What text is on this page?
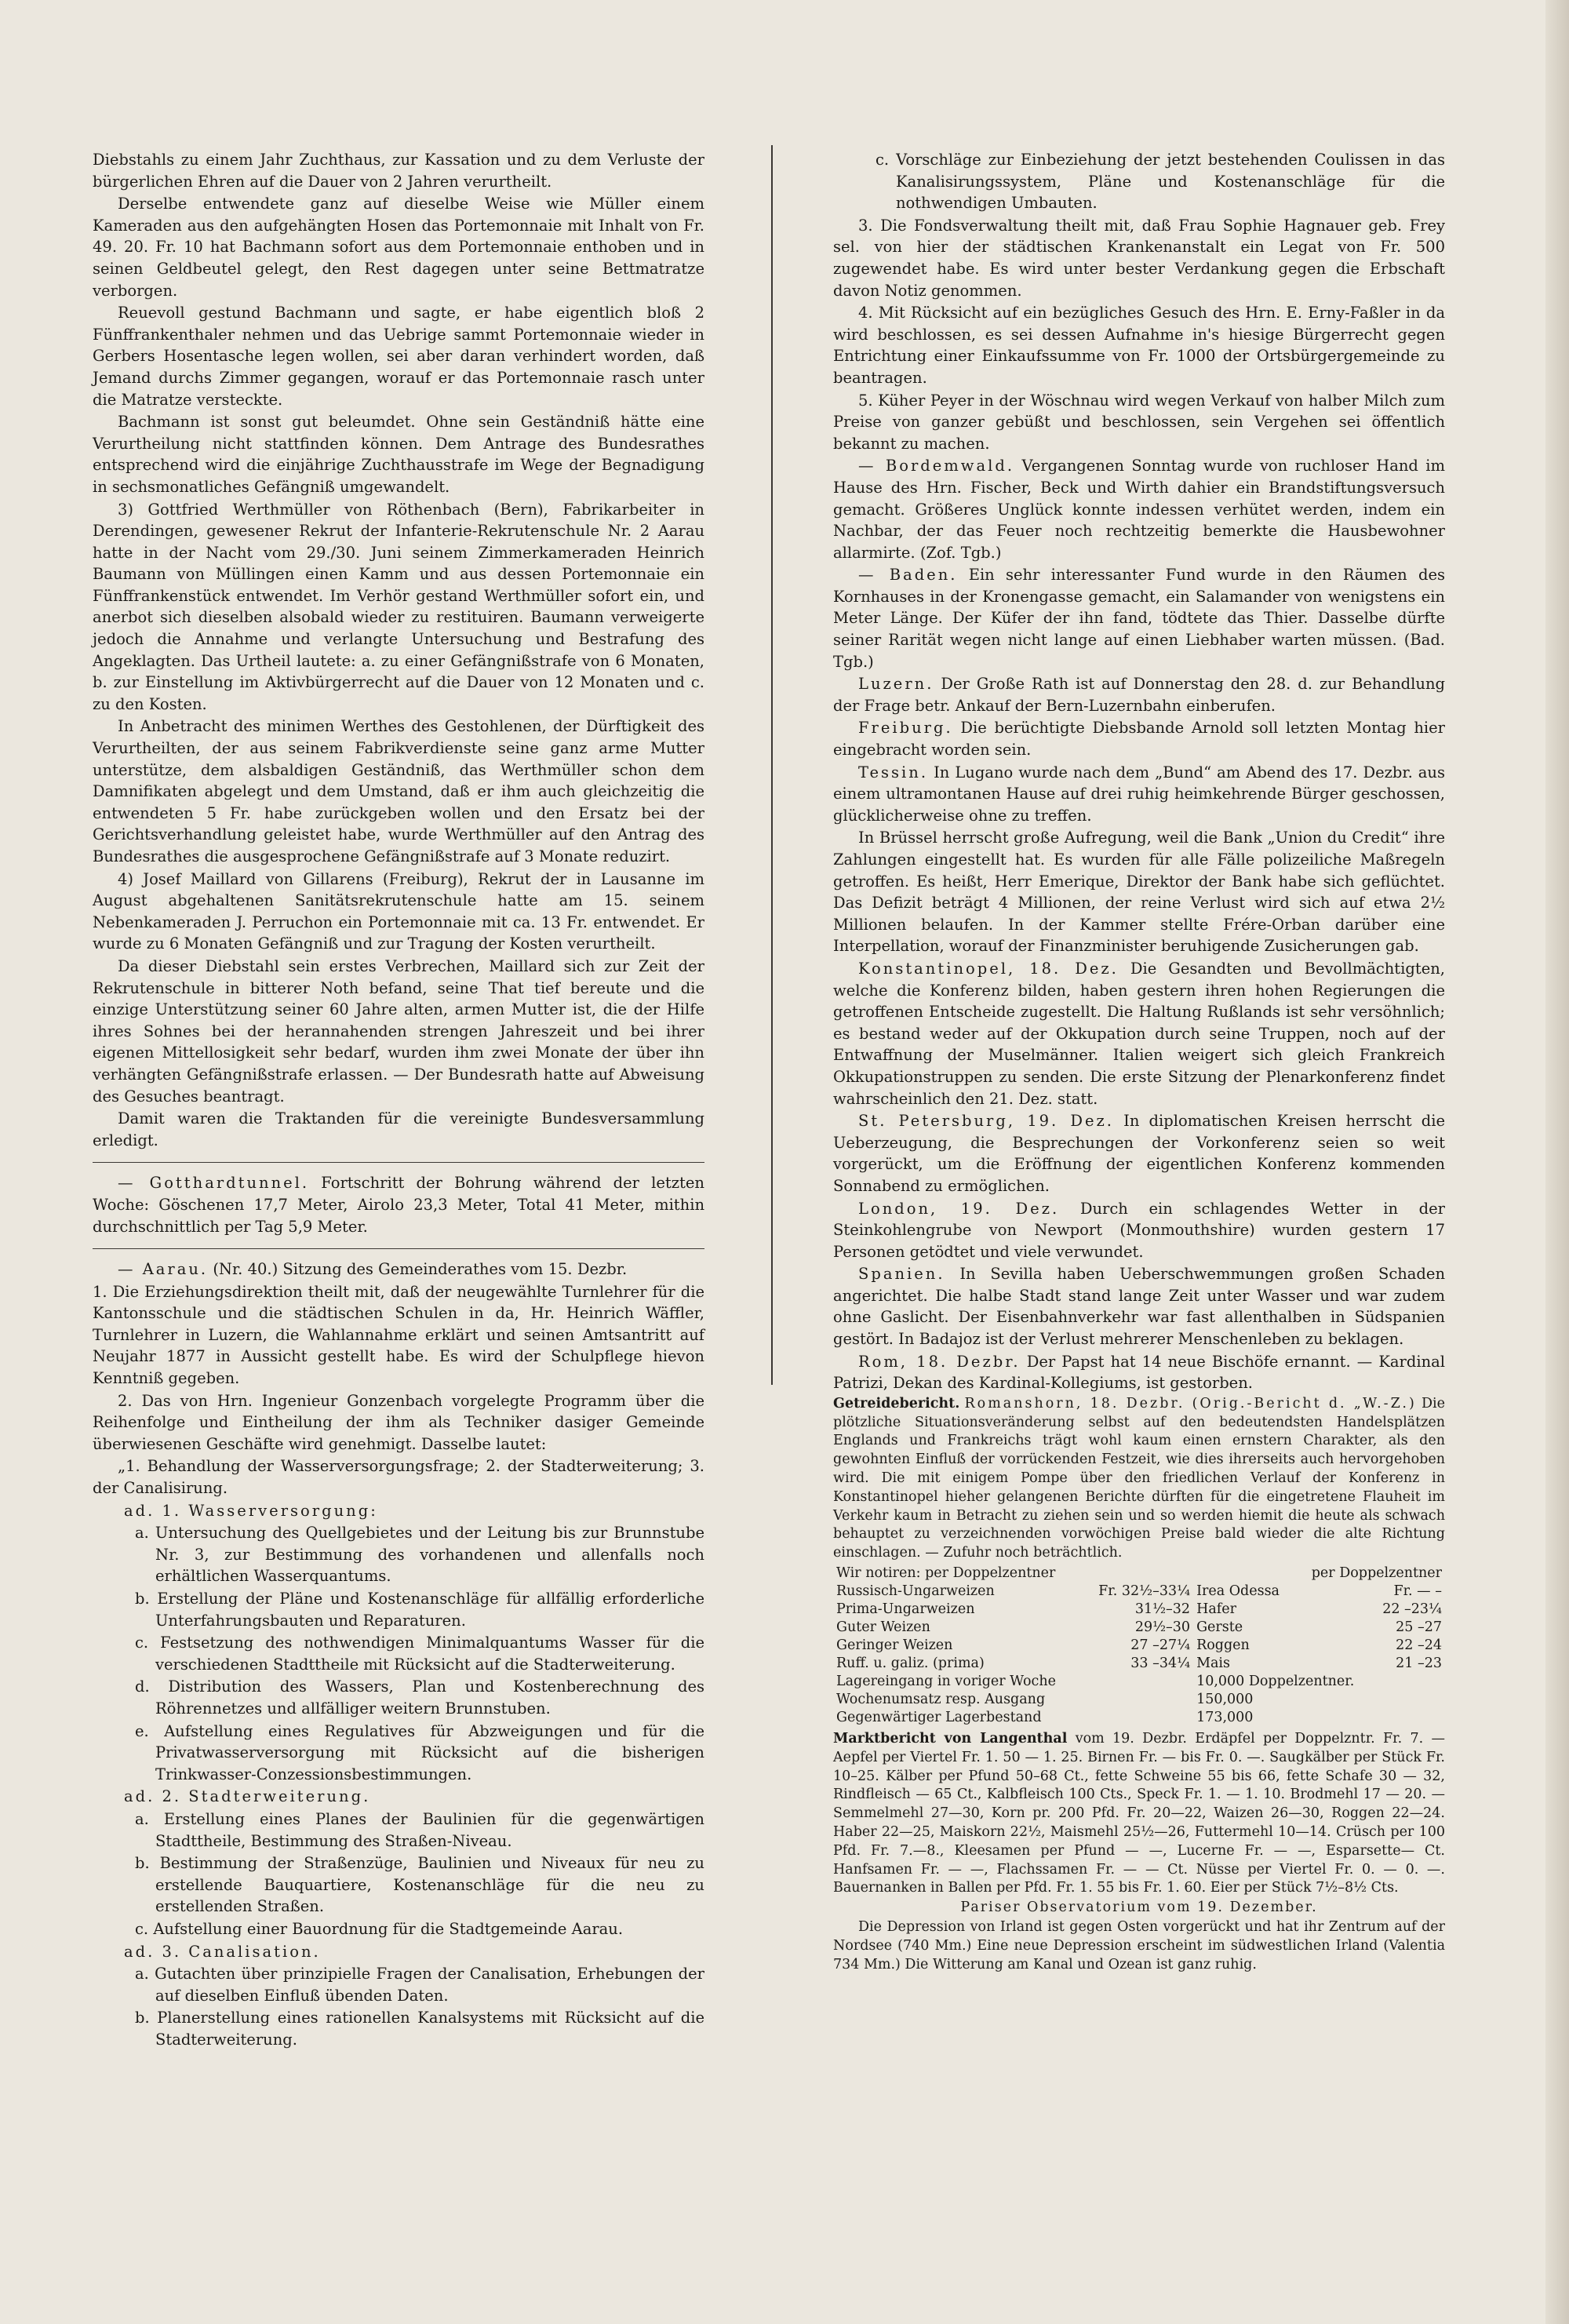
Diebstahls zu einem Jahr Zuchthaus, zur Kassation und zu dem Verluste der bürgerlichen Ehren auf die Dauer von 2 Jahren verurtheilt.

Derselbe entwendete ganz auf dieselbe Weise wie Müller einem Kameraden aus den aufgehängten Hosen das Portemonnaie mit Inhalt von Fr. 49. 20. Fr. 10 hat Bachmann sofort aus dem Portemonnaie enthoben und in seinen Geldbeutel gelegt, den Rest dagegen unter seine Bettmatratze verborgen.

Reuevoll gestund Bachmann und sagte, er habe eigentlich bloß 2 Fünffrankenthaler nehmen und das Uebrige sammt Portemonnaie wieder in Gerbers Hosentasche legen wollen, sei aber daran verhindert worden, daß Jemand durchs Zimmer gegangen, worauf er das Portemonnaie rasch unter die Matratze versteckte.

Bachmann ist sonst gut beleumdet. Ohne sein Geständniß hätte eine Verurtheilung nicht stattfinden können. Dem Antrage des Bundesrathes entsprechend wird die einjährige Zuchthausstrafe im Wege der Begnadigung in sechsmonatliches Gefängniß umgewandelt.

3) Gottfried Werthmüller von Röthenbach (Bern), Fabrikarbeiter in Derendingen, gewesener Rekrut der Infanterie-Rekrutenschule Nr. 2 Aarau hatte in der Nacht vom 29./30. Juni seinem Zimmerkameraden Heinrich Baumann von Müllingen einen Kamm und aus dessen Portemonnaie ein Fünffrankenstück entwendet. Im Verhör gestand Werthmüller sofort ein, und anerbot sich dieselben alsobald wieder zu restituiren. Baumann verweigerte jedoch die Annahme und verlangte Untersuchung und Bestrafung des Angeklagten. Das Urtheil lautete: a. zu einer Gefängnißstrafe von 6 Monaten, b. zur Einstellung im Aktivbürgerrecht auf die Dauer von 12 Monaten und c. zu den Kosten.

In Anbetracht des minimen Werthes des Gestohlenen, der Dürftigkeit des Verurtheilten, der aus seinem Fabrikverdienste seine ganz arme Mutter unterstütze, dem alsbaldigen Geständniß, das Werthmüller schon dem Damnifikaten abgelegt und dem Umstand, daß er ihm auch gleichzeitig die entwendeten 5 Fr. habe zurückgeben wollen und den Ersatz bei der Gerichtsverhandlung geleistet habe, wurde Werthmüller auf den Antrag des Bundesrathes die ausgesprochene Gefängnißstrafe auf 3 Monate reduzirt.

4) Josef Maillard von Gillarens (Freiburg), Rekrut der in Lausanne im August abgehaltenen Sanitätsrekrutenschule hatte am 15. seinem Nebenkameraden J. Perruchon ein Portemonnaie mit ca. 13 Fr. entwendet. Er wurde zu 6 Monaten Gefängniß und zur Tragung der Kosten verurtheilt.

Da dieser Diebstahl sein erstes Verbrechen, Maillard sich zur Zeit der Rekrutenschule in bitterer Noth befand, seine That tief bereute und die einzige Unterstützung seiner 60 Jahre alten, armen Mutter ist, die der Hilfe ihres Sohnes bei der herannahenden strengen Jahreszeit und bei ihrer eigenen Mittellosigkeit sehr bedarf, wurden ihm zwei Monate der über ihn verhängten Gefängnißstrafe erlassen. — Der Bundesrath hatte auf Abweisung des Gesuches beantragt.

Damit waren die Traktanden für die vereinigte Bundesversammlung erledigt.

— Gotthardtunnel. Fortschritt der Bohrung während der letzten Woche: Göschenen 17,7 Meter, Airolo 23,3 Meter, Total 41 Meter, mithin durchschnittlich per Tag 5,9 Meter.

— Aarau. (Nr. 40.) Sitzung des Gemeinderathes vom 15. Dezbr.

1. Die Erziehungsdirektion theilt mit, daß der neugewählte Turnlehrer für die Kantonsschule und die städtischen Schulen in da, Hr. Heinrich Wäffler, Turnlehrer in Luzern, die Wahlannahme erklärt und seinen Amtsantritt auf Neujahr 1877 in Aussicht gestellt habe. Es wird der Schulpflege hievon Kenntniß gegeben.

2. Das von Hrn. Ingenieur Gonzenbach vorgelegte Programm über die Reihenfolge und Eintheilung der ihm als Techniker dasiger Gemeinde überwiesenen Geschäfte wird genehmigt. Dasselbe lautet:

„1. Behandlung der Wasserversorgungsfrage; 2. der Stadterweiterung; 3. der Canalisirung.

ad. 1. Wasserversorgung:

a. Untersuchung des Quellgebietes und der Leitung bis zur Brunnstube Nr. 3, zur Bestimmung des vorhandenen und allenfalls noch erhältlichen Wasserquantums.

b. Erstellung der Pläne und Kostenanschläge für allfällig erforderliche Unterfahrungsbauten und Reparaturen.

c. Festsetzung des nothwendigen Minimalquantums Wasser für die verschiedenen Stadttheile mit Rücksicht auf die Stadterweiterung.

d. Distribution des Wassers, Plan und Kostenberechnung des Röhrennetzes und allfälliger weitern Brunnstuben.

e. Aufstellung eines Regulatives für Abzweigungen und für die Privatwasserversorgung mit Rücksicht auf die bisherigen Trinkwasser-Conzessionsbestimmungen.

ad. 2. Stadterweiterung.

a. Erstellung eines Planes der Baulinien für die gegenwärtigen Stadttheile, Bestimmung des Straßen-Niveau.

b. Bestimmung der Straßenzüge, Baulinien und Niveaux für neu zu erstellende Bauquartiere, Kostenanschläge für die neu zu erstellenden Straßen.

c. Aufstellung einer Bauordnung für die Stadtgemeinde Aarau.

ad. 3. Canalisation.

a. Gutachten über prinzipielle Fragen der Canalisation, Erhebungen der auf dieselben Einfluß übenden Daten.

b. Planerstellung eines rationellen Kanalsystems mit Rücksicht auf die Stadterweiterung.

c. Vorschläge zur Einbeziehung der jetzt bestehenden Coulissen in das Kanalisirungssystem, Pläne und Kostenanschläge für die nothwendigen Umbauten.

3. Die Fondsverwaltung theilt mit, daß Frau Sophie Hagnauer geb. Frey sel. von hier der städtischen Krankenanstalt ein Legat von Fr. 500 zugewendet habe. Es wird unter bester Verdankung gegen die Erbschaft davon Notiz genommen.

4. Mit Rücksicht auf ein bezügliches Gesuch des Hrn. E. Erny-Faßler in da wird beschlossen, es sei dessen Aufnahme in's hiesige Bürgerrecht gegen Entrichtung einer Einkaufssumme von Fr. 1000 der Ortsbürgergemeinde zu beantragen.

5. Küher Peyer in der Wöschnau wird wegen Verkauf von halber Milch zum Preise von ganzer gebüßt und beschlossen, sein Vergehen sei öffentlich bekannt zu machen.

— Bordemwald. Vergangenen Sonntag wurde von ruchloser Hand im Hause des Hrn. Fischer, Beck und Wirth dahier ein Brandstiftungsversuch gemacht. Größeres Unglück konnte indessen verhütet werden, indem ein Nachbar, der das Feuer noch rechtzeitig bemerkte die Hausbewohner allarmirte. (Zof. Tgb.)

— Baden. Ein sehr interessanter Fund wurde in den Räumen des Kornhauses in der Kronengasse gemacht, ein Salamander von wenigstens ein Meter Länge. Der Küfer der ihn fand, tödtete das Thier. Dasselbe dürfte seiner Rarität wegen nicht lange auf einen Liebhaber warten müssen. (Bad. Tgb.)

Luzern. Der Große Rath ist auf Donnerstag den 28. d. zur Behandlung der Frage betr. Ankauf der Bern-Luzernbahn einberufen.

Freiburg. Die berüchtigte Diebsbande Arnold soll letzten Montag hier eingebracht worden sein.

Tessin. In Lugano wurde nach dem „Bund“ am Abend des 17. Dezbr. aus einem ultramontanen Hause auf drei ruhig heimkehrende Bürger geschossen, glücklicherweise ohne zu treffen.

In Brüssel herrscht große Aufregung, weil die Bank „Union du Credit“ ihre Zahlungen eingestellt hat. Es wurden für alle Fälle polizeiliche Maßregeln getroffen. Es heißt, Herr Emerique, Direktor der Bank habe sich geflüchtet. Das Defizit beträgt 4 Millionen, der reine Verlust wird sich auf etwa 2½ Millionen belaufen. In der Kammer stellte Frére-Orban darüber eine Interpellation, worauf der Finanzminister beruhigende Zusicherungen gab.

Konstantinopel, 18. Dez. Die Gesandten und Bevollmächtigten, welche die Konferenz bilden, haben gestern ihren hohen Regierungen die getroffenen Entscheide zugestellt. Die Haltung Rußlands ist sehr versöhnlich; es bestand weder auf der Okkupation durch seine Truppen, noch auf der Entwaffnung der Muselmänner. Italien weigert sich gleich Frankreich Okkupationstruppen zu senden. Die erste Sitzung der Plenarkonferenz findet wahrscheinlich den 21. Dez. statt.

St. Petersburg, 19. Dez. In diplomatischen Kreisen herrscht die Ueberzeugung, die Besprechungen der Vorkonferenz seien so weit vorgerückt, um die Eröffnung der eigentlichen Konferenz kommenden Sonnabend zu ermöglichen.

London, 19. Dez. Durch ein schlagendes Wetter in der Steinkohlengrube von Newport (Monmouthshire) wurden gestern 17 Personen getödtet und viele verwundet.

Spanien. In Sevilla haben Ueberschwemmungen großen Schaden angerichtet. Die halbe Stadt stand lange Zeit unter Wasser und war zudem ohne Gaslicht. Der Eisenbahnverkehr war fast allenthalben in Südspanien gestört. In Badajoz ist der Verlust mehrerer Menschenleben zu beklagen.

Rom, 18. Dezbr. Der Papst hat 14 neue Bischöfe ernannt. — Kardinal Patrizi, Dekan des Kardinal-Kollegiums, ist gestorben.

Getreidebericht. Romanshorn, 18. Dezbr. (Orig.-Bericht d. „W.-Z.) Die plötzliche Situationsveränderung selbst auf den bedeutendsten Handelsplätzen Englands und Frankreichs trägt wohl kaum einen ernstern Charakter, als den gewohnten Einfluß der vorrückenden Festzeit, wie dies ihrerseits auch hervorgehoben wird. Die mit einigem Pompe über den friedlichen Verlauf der Konferenz in Konstantinopel hieher gelangenen Berichte dürften für die eingetretene Flauheit im Verkehr kaum in Betracht zu ziehen sein und so werden hiemit die heute als schwach behauptet zu verzeichnenden vorwöchigen Preise bald wieder die alte Richtung einschlagen. — Zufuhr noch beträchtlich.

Wir notiren: per Doppelzentner			per Doppelzentner
Russisch-Ungarweizen	Fr. 32½–33¼	Irea Odessa	Fr. — –
Prima-Ungarweizen	31½–32	Hafer	22 –23¼
Guter Weizen	29½–30	Gerste	25 –27
Geringer Weizen	27 –27¼	Roggen	22 –24
Ruff. u. galiz. (prima)	33 –34¼	Mais	21 –23
Lagereingang in voriger Woche		10,000 Doppelzentner.	
Wochenumsatz resp. Ausgang		150,000	
Gegenwärtiger Lagerbestand		173,000	

Marktbericht von Langenthal vom 19. Dezbr. Erdäpfel per Doppelzntr. Fr. 7. — Aepfel per Viertel Fr. 1. 50 — 1. 25. Birnen Fr. — bis Fr. 0. —. Saugkälber per Stück Fr. 10–25. Kälber per Pfund 50–68 Ct., fette Schweine 55 bis 66, fette Schafe 30 — 32, Rindfleisch — 65 Ct., Kalbfleisch 100 Cts., Speck Fr. 1. — 1. 10. Brodmehl 17 — 20. — Semmelmehl 27—30, Korn pr. 200 Pfd. Fr. 20—22, Waizen 26—30, Roggen 22—24. Haber 22—25, Maiskorn 22½, Maismehl 25½—26, Futtermehl 10—14. Crüsch per 100 Pfd. Fr. 7.—8., Kleesamen per Pfund — —, Lucerne Fr. — —, Esparsette— Ct. Hanfsamen Fr. — —, Flachssamen Fr. — — Ct. Nüsse per Viertel Fr. 0. — 0. —. Bauernanken in Ballen per Pfd. Fr. 1. 55 bis Fr. 1. 60. Eier per Stück 7½–8½ Cts.

Pariser Observatorium vom 19. Dezember.

Die Depression von Irland ist gegen Osten vorgerückt und hat ihr Zentrum auf der Nordsee (740 Mm.) Eine neue Depression erscheint im südwestlichen Irland (Valentia 734 Mm.) Die Witterung am Kanal und Ozean ist ganz ruhig.
